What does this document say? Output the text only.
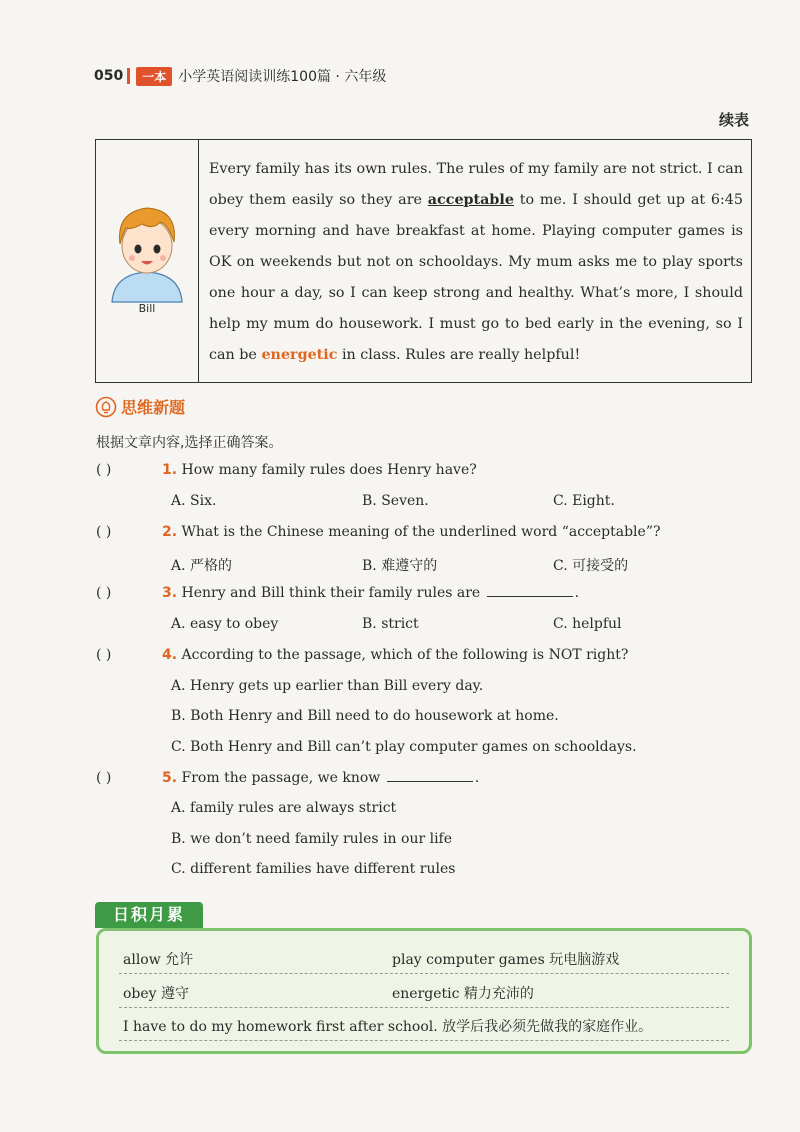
050	一本 小学英语阅读训练100篇 · 六年级
续表
Bill
Every family has its own rules. The rules of my family are not strict. I can obey them easily so they are acceptable to me. I should get up at 6:45 every morning and have breakfast at home. Playing computer games is OK on weekends but not on schooldays. My mum asks me to play sports one hour a day, so I can keep strong and healthy. What’s more, I should help my mum do housework. I must go to bed early in the evening, so I can be energetic in class. Rules are really helpful!
思维新题
根据文章内容,选择正确答案。
( )	1. How many family rules does Henry have?
A. Six.	B. Seven.	C. Eight.
( )	2. What is the Chinese meaning of the underlined word “acceptable”?
A. 严格的	B. 难遵守的	C. 可接受的
( )	3. Henry and Bill think their family rules are	.
A. easy to obey	B. strict	C. helpful
( )	4. According to the passage, which of the following is NOT right?
A. Henry gets up earlier than Bill every day.
B. Both Henry and Bill need to do housework at home.
C. Both Henry and Bill can’t play computer games on schooldays.
( )	5. From the passage, we know	.
A. family rules are always strict
B. we don’t need family rules in our life
C. different families have different rules
日积月累
allow 允许	play computer games 玩电脑游戏
obey 遵守	energetic 精力充沛的
I have to do my homework first after school. 放学后我必须先做我的家庭作业。
